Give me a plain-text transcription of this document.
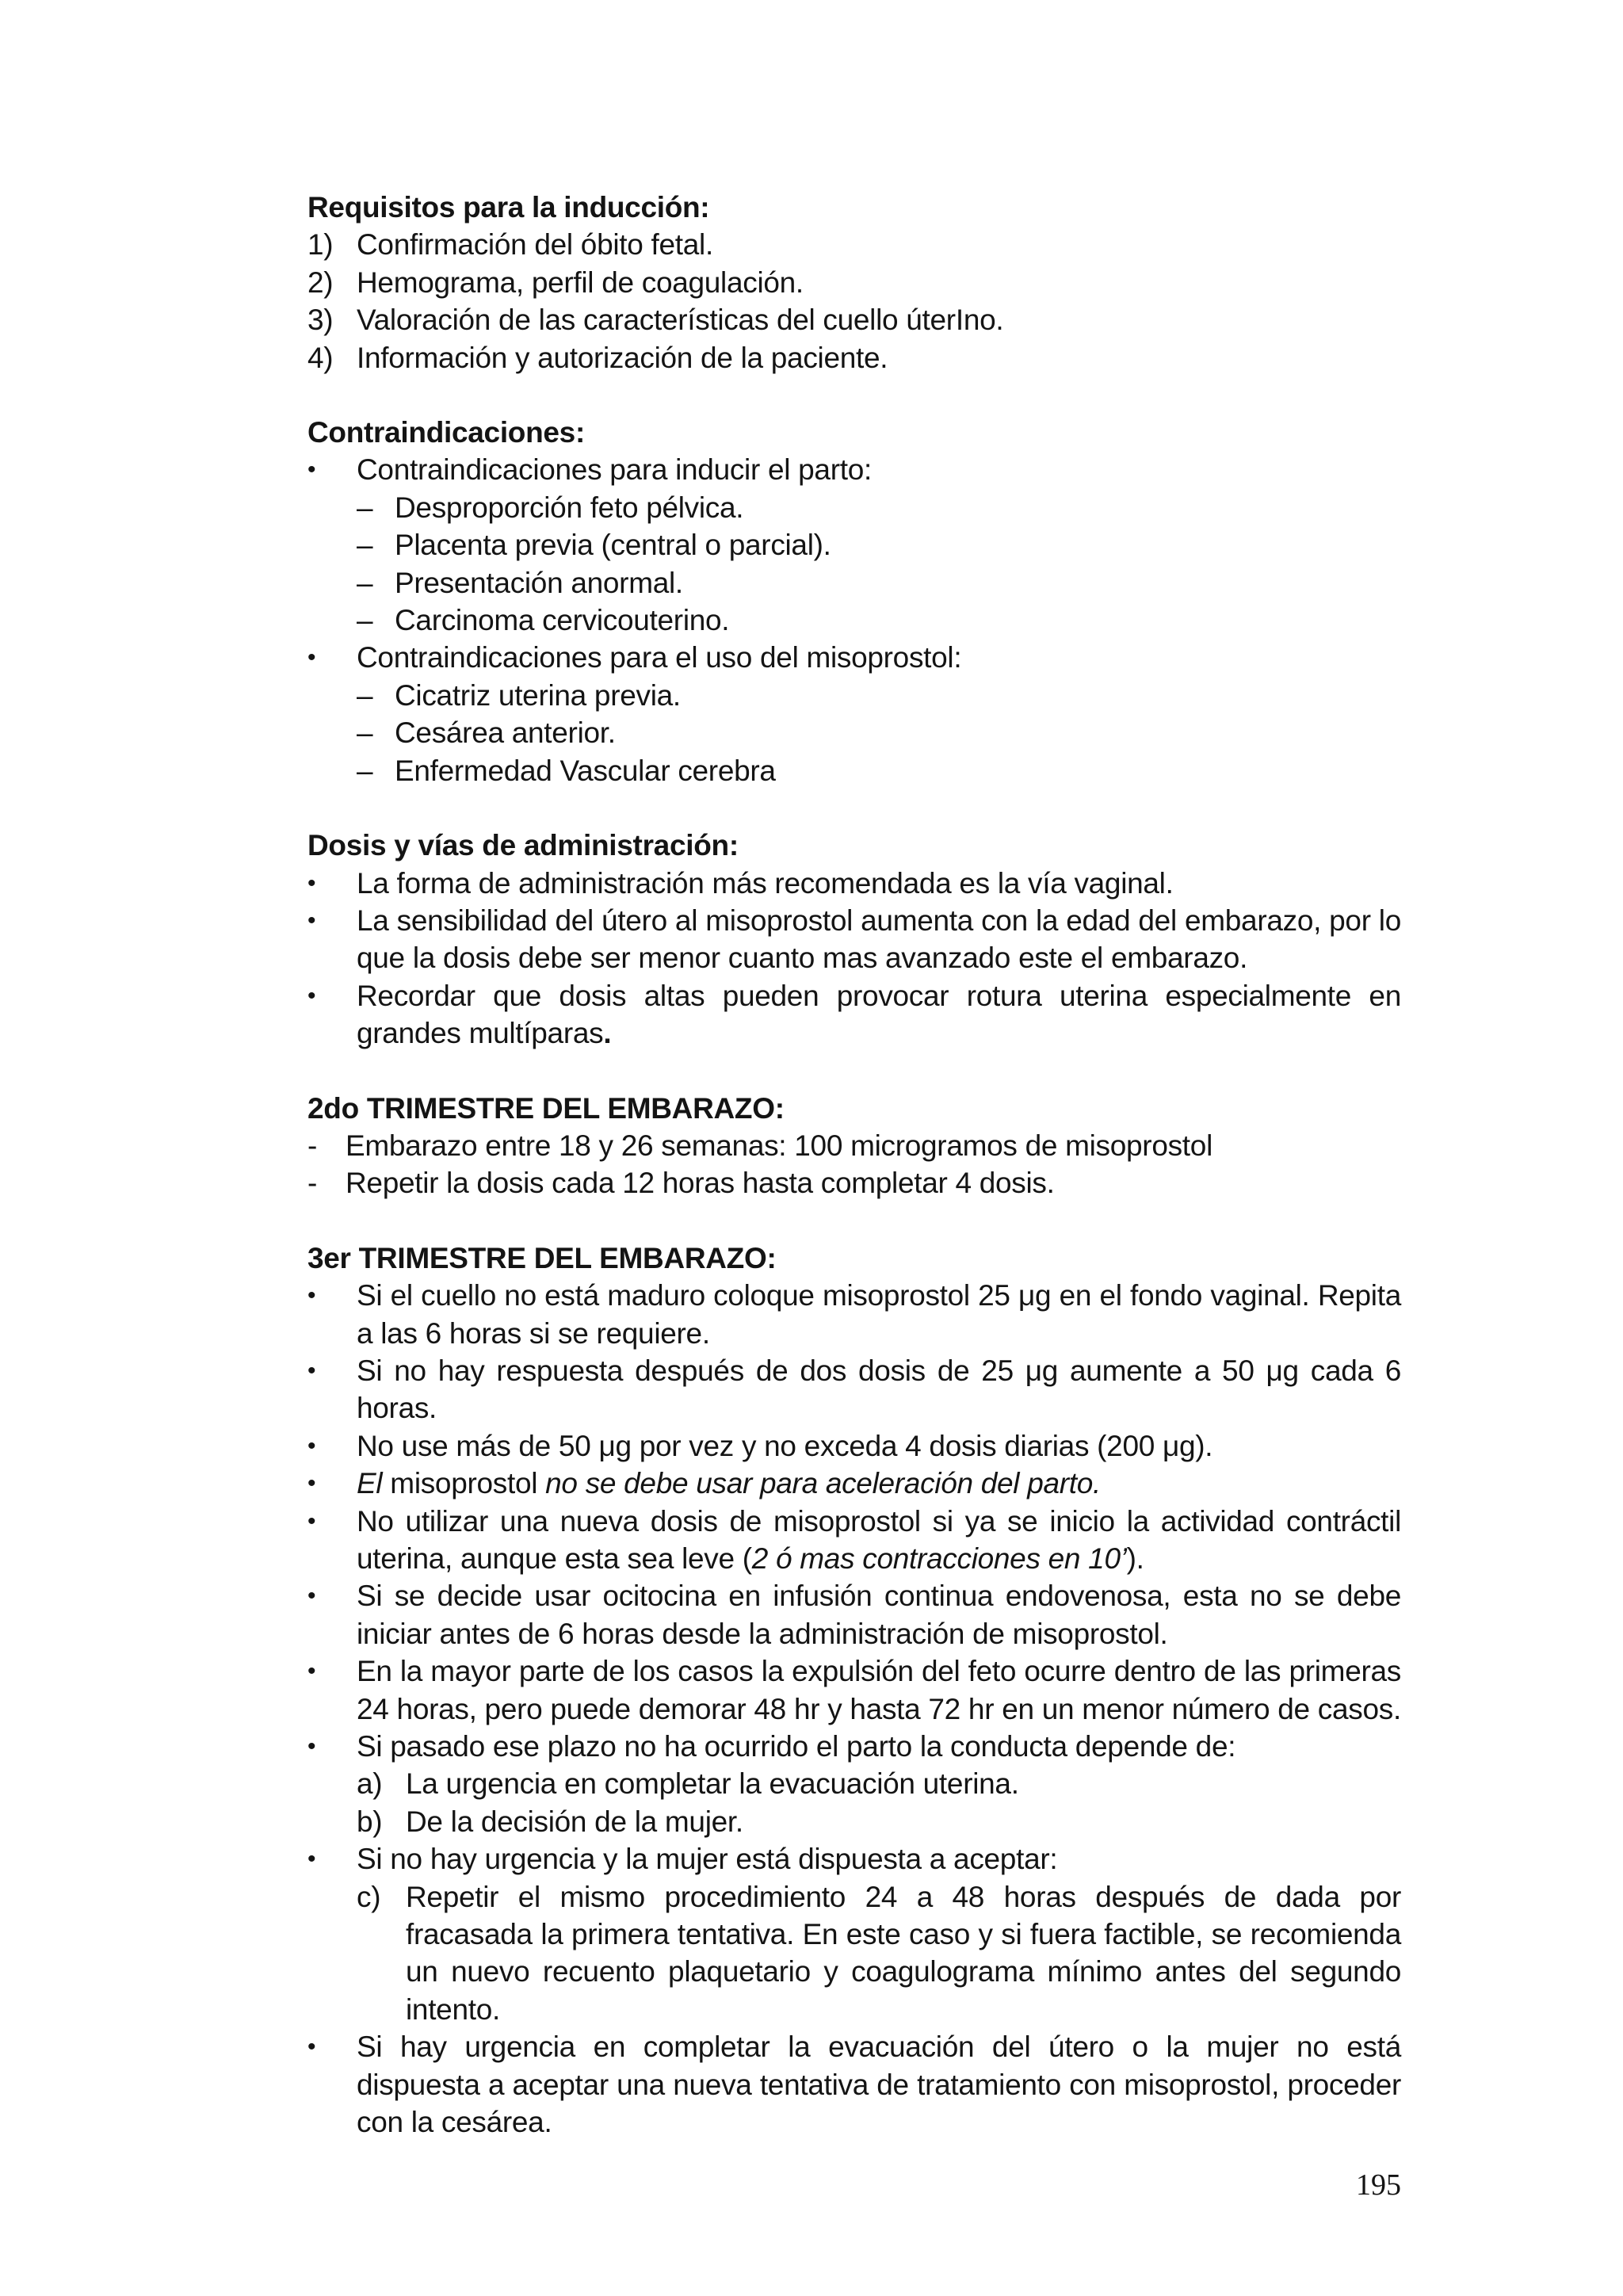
Requisitos para la inducción:

1) Confirmación del óbito fetal.
2) Hemograma, perfil de coagulación.
3) Valoración de las características del cuello úterIno.
4) Información y autorización de la paciente.

Contraindicaciones:

•	Contraindicaciones para inducir el parto:
– Desproporción feto pélvica.
– Placenta previa (central o parcial).
– Presentación anormal.
– Carcinoma cervicouterino.
•	Contraindicaciones para el uso del misoprostol:
– Cicatriz uterina previa.
– Cesárea anterior.
– Enfermedad Vascular cerebra

Dosis y vías de administración:

•	La forma de administración más recomendada es la vía vaginal.
•	La sensibilidad del útero al misoprostol aumenta con la edad del embarazo, por lo que la dosis debe ser menor cuanto mas avanzado este el embarazo.
•	Recordar que dosis altas pueden provocar rotura uterina especialmente en grandes multíparas.

2do TRIMESTRE DEL EMBARAZO:

- Embarazo entre 18 y 26 semanas: 100 microgramos de misoprostol
- Repetir la dosis cada 12 horas hasta completar 4 dosis.

3er TRIMESTRE DEL EMBARAZO:

•	Si el cuello no está maduro coloque misoprostol 25 μg en el fondo vaginal. Repita a las 6 horas si se requiere.
•	Si no hay respuesta después de dos dosis de 25 μg aumente a 50 μg cada 6 horas.
•	No use más de 50 μg por vez y no exceda 4 dosis diarias (200 μg).
•	El misoprostol no se debe usar para aceleración del parto.
•	No utilizar una nueva dosis de misoprostol si ya se inicio la actividad contráctil uterina, aunque esta sea leve (2 ó mas contracciones en 10’).
•	Si se decide usar ocitocina en infusión continua endovenosa, esta no se debe iniciar antes de 6 horas desde la administración de misoprostol.
•	En la mayor parte de los casos la expulsión del feto ocurre dentro de las primeras 24 horas, pero puede demorar 48 hr y hasta 72 hr en un menor número de casos.
•	Si pasado ese plazo no ha ocurrido el parto la conducta depende de:
a) La urgencia en completar la evacuación uterina.
b) De la decisión de la mujer.
•	Si no hay urgencia y la mujer está dispuesta a aceptar:
c) Repetir el mismo procedimiento 24 a 48 horas después de dada por fracasada la primera tentativa. En este caso y si fuera factible, se recomienda un nuevo recuento plaquetario y coagulograma mínimo antes del segundo intento.
•	Si hay urgencia en completar la evacuación del útero o la mujer no está dispuesta a aceptar una nueva tentativa de tratamiento con misoprostol, proceder con la cesárea.
195
